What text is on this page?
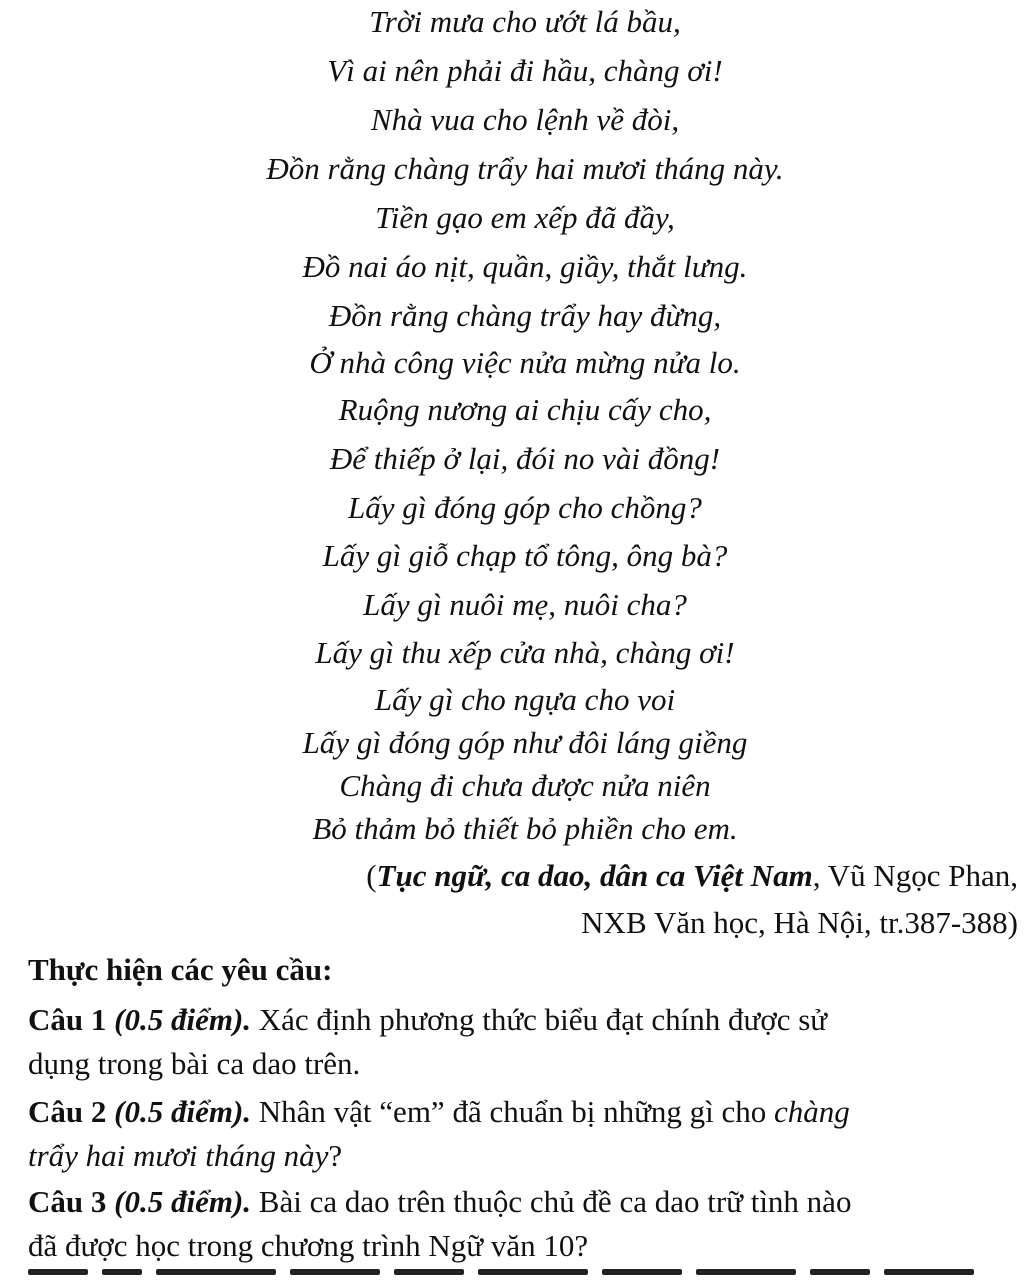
Trời mưa cho ướt lá bầu,
Vì ai nên phải đi hầu, chàng ơi!
Nhà vua cho lệnh về đòi,
Đồn rằng chàng trẩy hai mươi tháng này.
Tiền gạo em xếp đã đầy,
Đồ nai áo nịt, quần, giầy, thắt lưng.
Đồn rằng chàng trẩy hay đừng,
Ở nhà công việc nửa mừng nửa lo.
Ruộng nương ai chịu cấy cho,
Để thiếp ở lại, đói no vài đồng!
Lấy gì đóng góp cho chồng?
Lấy gì giỗ chạp tổ tông, ông bà?
Lấy gì nuôi mẹ, nuôi cha?
Lấy gì thu xếp cửa nhà, chàng ơi!
Lấy gì cho ngựa cho voi
Lấy gì đóng góp như đôi láng giềng
Chàng đi chưa được nửa niên
Bỏ thảm bỏ thiết bỏ phiền cho em.
(Tục ngữ, ca dao, dân ca Việt Nam, Vũ Ngọc Phan,
NXB Văn học, Hà Nội, tr.387-388)
Thực hiện các yêu cầu:
Câu 1 (0.5 điểm). Xác định phương thức biểu đạt chính được sử
dụng trong bài ca dao trên.
Câu 2 (0.5 điểm). Nhân vật “em” đã chuẩn bị những gì cho chàng
trẩy hai mươi tháng này?
Câu 3 (0.5 điểm). Bài ca dao trên thuộc chủ đề ca dao trữ tình nào
đã được học trong chương trình Ngữ văn 10?
